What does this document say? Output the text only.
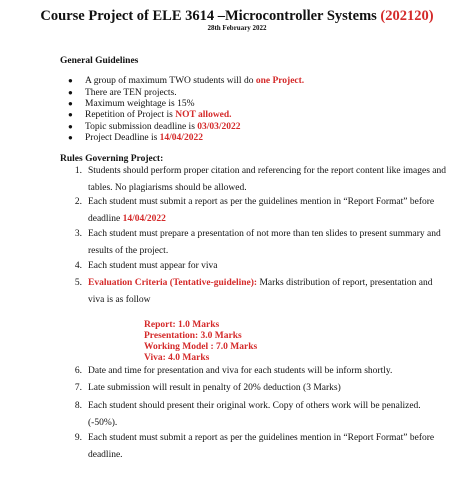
Course Project of ELE 3614 –Microcontroller Systems (202120)
28th February 2022
General Guidelines
● A group of maximum TWO students will do one Project.
● There are TEN projects.
● Maximum weightage is 15%
● Repetition of Project is NOT allowed.
● Topic submission deadline is 03/03/2022
● Project Deadline is 14/04/2022
Rules Governing Project:
1. Students should perform proper citation and referencing for the report content like images and tables. No plagiarisms should be allowed.
2. Each student must submit a report as per the guidelines mention in “Report Format” before deadline 14/04/2022
3. Each student must prepare a presentation of not more than ten slides to present summary and results of the project.
4. Each student must appear for viva
5. Evaluation Criteria (Tentative-guideline): Marks distribution of report, presentation and viva is as follow
Report: 1.0 Marks
Presentation: 3.0 Marks
Working Model : 7.0 Marks
Viva: 4.0 Marks
6. Date and time for presentation and viva for each students will be inform shortly.
7. Late submission will result in penalty of 20% deduction (3 Marks)
8. Each student should present their original work. Copy of others work will be penalized. (-50%).
9. Each student must submit a report as per the guidelines mention in “Report Format” before deadline.
